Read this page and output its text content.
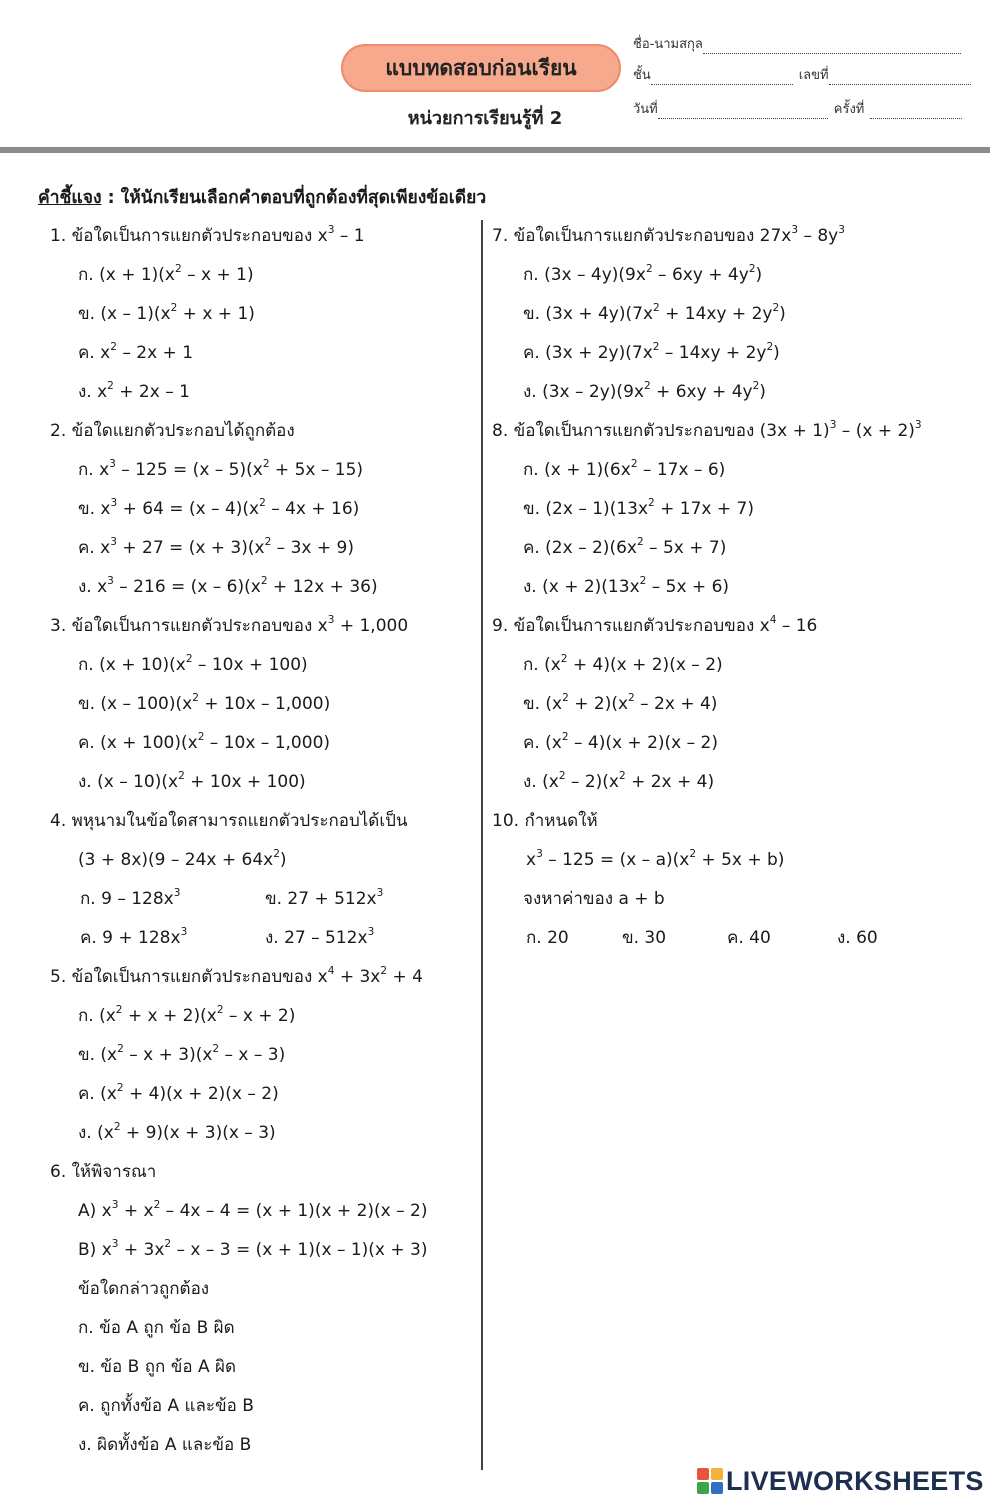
แบบทดสอบก่อนเรียน
หน่วยการเรียนรู้ที่ 2
ชื่อ-นามสกุล
ชั้น	เลขที่
วันที่	ครั้งที่
คำชี้แจง : ให้นักเรียนเลือกคำตอบที่ถูกต้องที่สุดเพียงข้อเดียว
1. ข้อใดเป็นการแยกตัวประกอบของ $x^3 - 1$
ก. $(x + 1)(x^2 - x + 1)$
ข. $(x - 1)(x^2 + x + 1)$
ค. $x^2 - 2x + 1$
ง. $x^2 + 2x - 1$
2. ข้อใดแยกตัวประกอบได้ถูกต้อง
ก. $x^3 - 125 = (x - 5)(x^2 + 5x - 15)$
ข. $x^3 + 64 = (x - 4)(x^2 - 4x + 16)$
ค. $x^3 + 27 = (x + 3)(x^2 - 3x + 9)$
ง. $x^3 - 216 = (x - 6)(x^2 + 12x + 36)$
3. ข้อใดเป็นการแยกตัวประกอบของ $x^3 + 1,000$
ก. $(x + 10)(x^2 - 10x + 100)$
ข. $(x - 100)(x^2 + 10x - 1,000)$
ค. $(x + 100)(x^2 - 10x - 1,000)$
ง. $(x - 10)(x^2 + 10x + 100)$
4. พหุนามในข้อใดสามารถแยกตัวประกอบได้เป็น
$(3 + 8x)(9 - 24x + 64x^2)$
ก. $9 - 128x^3$	ข. $27 + 512x^3$
ค. $9 + 128x^3$	ง. $27 - 512x^3$
5. ข้อใดเป็นการแยกตัวประกอบของ $x^4 + 3x^2 + 4$
ก. $(x^2 + x + 2)(x^2 - x + 2)$
ข. $(x^2 - x + 3)(x^2 - x - 3)$
ค. $(x^2 + 4)(x + 2)(x - 2)$
ง. $(x^2 + 9)(x + 3)(x - 3)$
6. ให้พิจารณา
A) $x^3 + x^2 - 4x - 4 = (x + 1)(x + 2)(x - 2)$
B) $x^3 + 3x^2 - x - 3 = (x + 1)(x - 1)(x + 3)$
ข้อใดกล่าวถูกต้อง
ก. ข้อ A ถูก ข้อ B ผิด
ข. ข้อ B ถูก ข้อ A ผิด
ค. ถูกทั้งข้อ A และข้อ B
ง. ผิดทั้งข้อ A และข้อ B
7. ข้อใดเป็นการแยกตัวประกอบของ $27x^3 - 8y^3$
ก. $(3x - 4y)(9x^2 - 6xy + 4y^2)$
ข. $(3x + 4y)(7x^2 + 14xy + 2y^2)$
ค. $(3x + 2y)(7x^2 - 14xy + 2y^2)$
ง. $(3x - 2y)(9x^2 + 6xy + 4y^2)$
8. ข้อใดเป็นการแยกตัวประกอบของ $(3x + 1)^3 - (x + 2)^3$
ก. $(x + 1)(6x^2 - 17x - 6)$
ข. $(2x - 1)(13x^2 + 17x + 7)$
ค. $(2x - 2)(6x^2 - 5x + 7)$
ง. $(x + 2)(13x^2 - 5x + 6)$
9. ข้อใดเป็นการแยกตัวประกอบของ $x^4 - 16$
ก. $(x^2 + 4)(x + 2)(x - 2)$
ข. $(x^2 + 2)(x^2 - 2x + 4)$
ค. $(x^2 - 4)(x + 2)(x - 2)$
ง. $(x^2 - 2)(x^2 + 2x + 4)$
10. กำหนดให้
$x^3 - 125 = (x - a)(x^2 + 5x + b)$
จงหาค่าของ a + b
ก. 20	ข. 30	ค. 40	ง. 60
LIVEWORKSHEETS
